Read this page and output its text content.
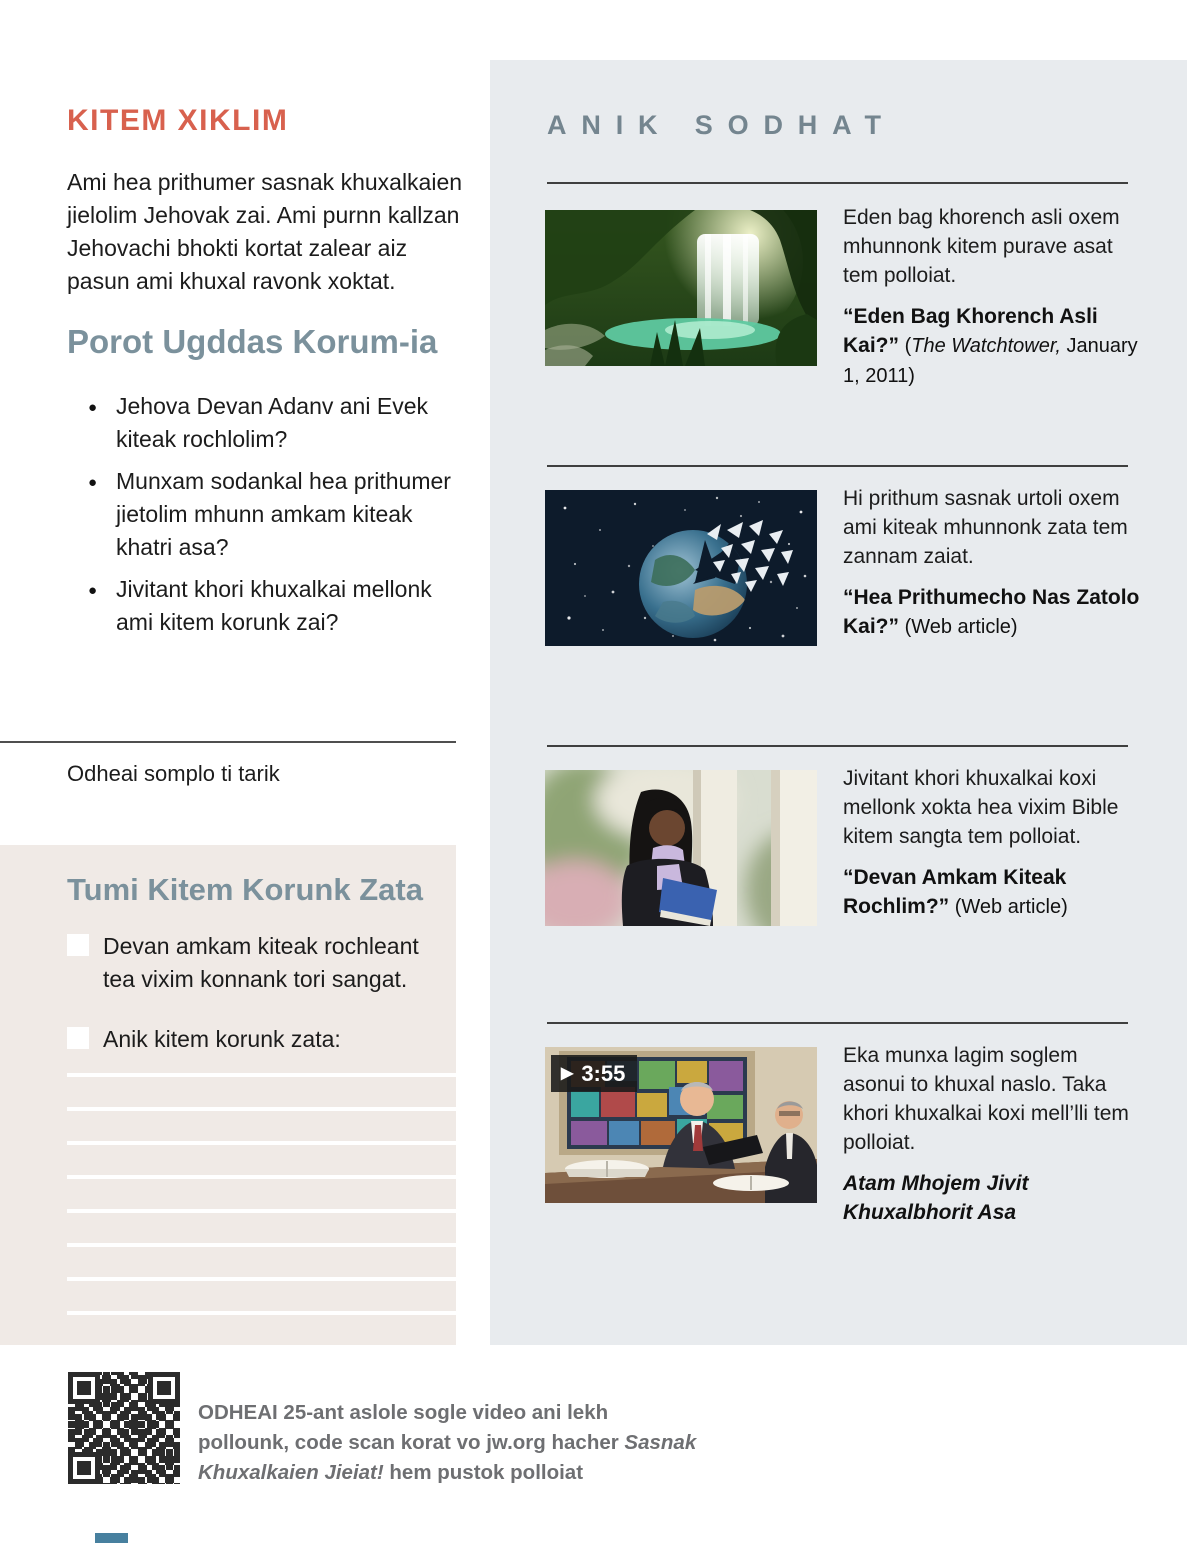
KITEM XIKLIM

Ami hea prithumer sasnak khuxalkaien jielolim Jehovak zai. Ami purnn kallzan Jehovachi bhokti kortat zalear aiz pasun ami khuxal ravonk xoktat.

Porot Ugddas Korum-ia
● Jehova Devan Adanv ani Evek kiteak rochlolim?
● Munxam sodankal hea prithumer jietolim mhunn amkam kiteak khatri asa?
● Jivitant khori khuxalkai mellonk ami kitem korunk zai?
Odheai somplo ti tarik
Tumi Kitem Korunk Zata
Devan amkam kiteak rochleant tea vixim konnank tori sangat.
Anik kitem korunk zata:
ANIK SODHAT

Eden bag khorench asli oxem mhunnonk kitem purave asat tem polloiat.

“Eden Bag Khorench Asli Kai?” (The Watchtower, January 1, 2011)

Hi prithum sasnak urtoli oxem ami kiteak mhunnonk zata tem zannam zaiat.

“Hea Prithumecho Nas Zatolo Kai?” (Web article)

Jivitant khori khuxalkai koxi mellonk xokta hea vixim Bible kitem sangta tem polloiat.

“Devan Amkam Kiteak Rochlim?” (Web article)

▶ 3:55

Eka munxa lagim soglem asonui to khuxal naslo. Taka khori khuxalkai koxi mell’lli tem polloiat.

Atam Mhojem Jivit Khuxalbhorit Asa

ODHEAI 25-ant aslole sogle video ani lekh pollounk, code scan korat vo jw.org hacher Sasnak Khuxalkaien Jieiat! hem pustok polloiat
